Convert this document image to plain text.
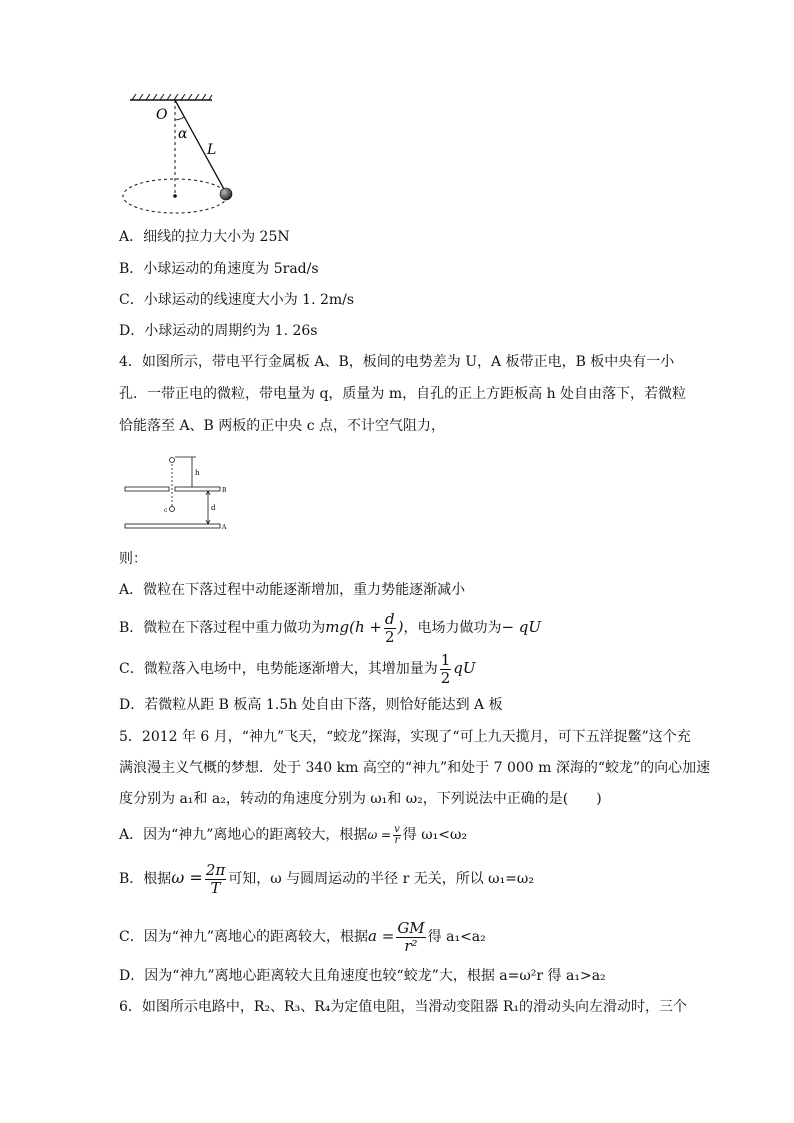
O
α
L
A．细线的拉力大小为 25N
B．小球运动的角速度为 5rad/s
C．小球运动的线速度大小为 1. 2m/s
D．小球运动的周期约为 1. 26s
4．如图所示，带电平行金属板 A、B，板间的电势差为 U，A 板带正电，B 板中央有一小
孔．一带正电的微粒，带电量为 q，质量为 m，自孔的正上方距板高 h 处自由落下，若微粒
恰能落至 A、B 两板的正中央 c 点，不计空气阻力，
h
d
B
A
c
则：
A．微粒在下落过程中动能逐渐增加，重力势能逐渐减小
B．微粒在下落过程中重力做功为$mg(h + \frac{d}{2}$ )，电场力做功为− qU
C．微粒落入电场中，电势能逐渐增大，其增加量为 $\frac{1}{2}$ qU
D．若微粒从距 B 板高 1.5h 处自由下落，则恰好能达到 A 板
5．2012 年 6 月，“神九”飞天，“蛟龙”探海，实现了“可上九天揽月，可下五洋捉鳖”这个充
满浪漫主义气概的梦想．处于 340 km 高空的“神九”和处于 7 000 m 深海的“蛟龙”的向心加速
度分别为 a₁和 a₂，转动的角速度分别为 ω₁和 ω₂，下列说法中正确的是(　　)
A．因为“神九”离地心的距离较大，根据$\omega = \frac{v}{r}$ 得 ω₁<ω₂
B．根据$\omega = \frac{2\pi}{T}$ 可知，ω 与圆周运动的半径 r 无关，所以 ω₁=ω₂
C．因为“神九”离地心的距离较大，根据$a = \frac{GM}{\text{r²}}$ 得 a₁<a₂
D．因为“神九”离地心距离较大且角速度也较“蛟龙”大，根据 a=ω²r 得 a₁>a₂
6．如图所示电路中，R₂、R₃、R₄为定值电阻，当滑动变阻器 R₁的滑动头向左滑动时，三个
